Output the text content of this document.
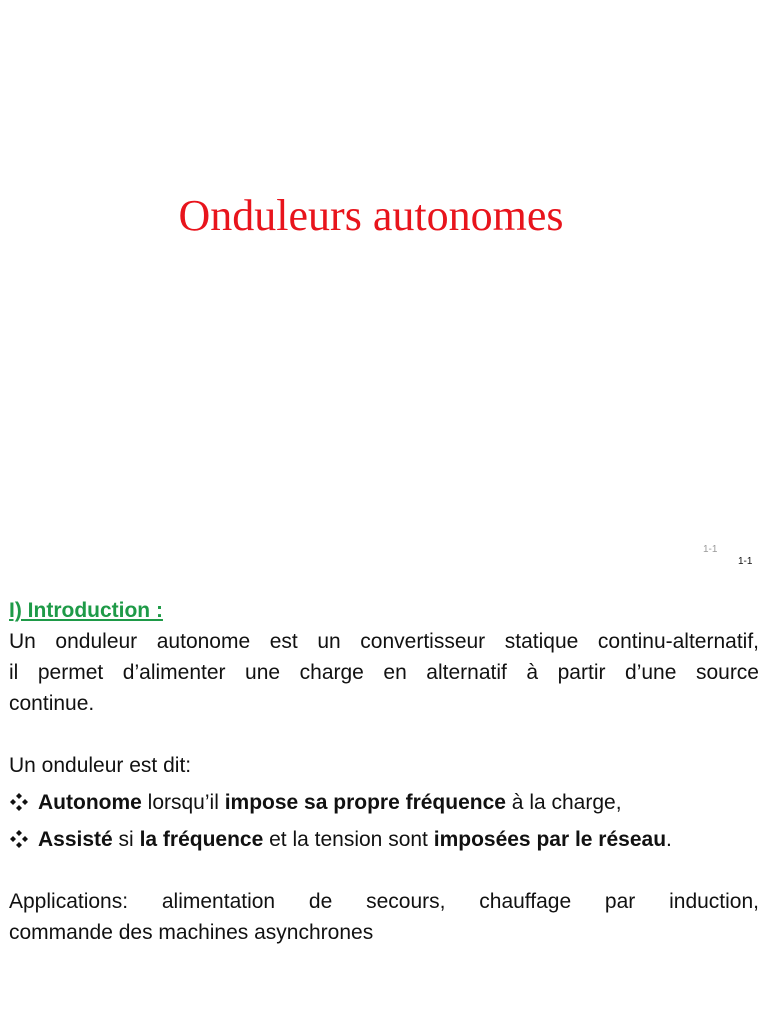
Onduleurs autonomes
1-1
1-1
I) Introduction :

Un onduleur autonome est un convertisseur statique continu-alternatif,

il permet d’alimenter une charge en alternatif à partir d’une source

continue.

Un onduleur est dit:

Autonome lorsqu’il impose sa propre fréquence à la charge,
Assisté si la fréquence et la tension sont imposées par le réseau.

Applications: alimentation de secours, chauffage par induction,

commande des machines asynchrones
